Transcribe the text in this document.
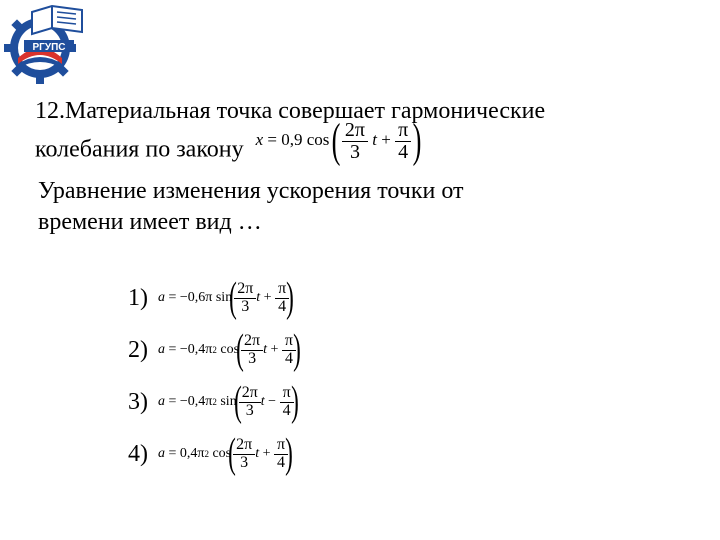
РГУПС
12.Материальная точка совершает гармонические
колебания по закону x = 0,9 cos ( $\frac{2\pi}{3}$ $t + \frac{\pi}{4}$ )
Уравнение изменения ускорения точки от
времени имеет вид …
1) a
= −0,6π
sin
(
$\frac{2\pi}{3}$ t
+
$\frac{\pi}{4}$
)
2) a
= −0,4π 2
cos
(
$\frac{2\pi}{3}$ t
+
$\frac{\pi}{4}$
)
3) a
= −0,4π 2
sin
(
$\frac{2\pi}{3}$ t
−
$\frac{\pi}{4}$
)
4) a
= 0,4π 2
cos
(
$\frac{2\pi}{3}$ t
+
$\frac{\pi}{4}$
)
